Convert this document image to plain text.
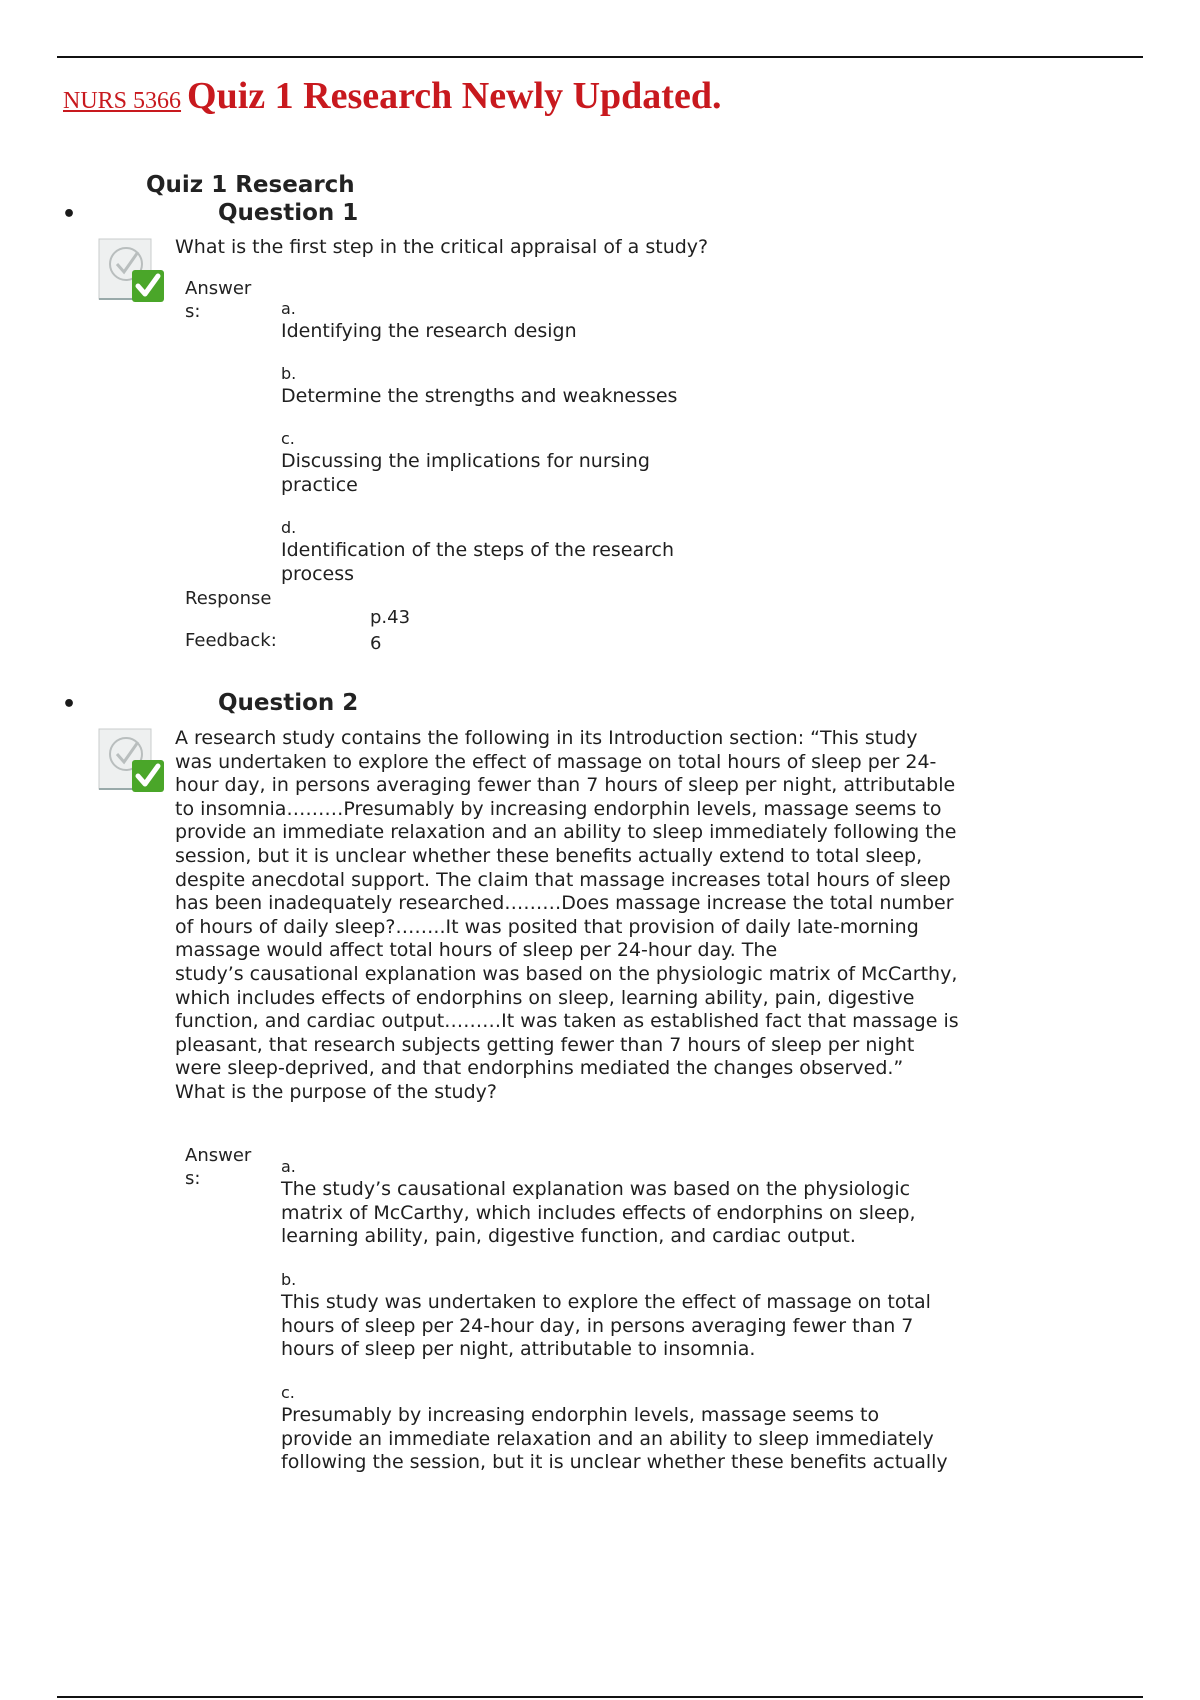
NURS 5366 Quiz 1 Research Newly Updated.
Quiz 1 Research
•	Question 1
What is the first step in the critical appraisal of a study?
Answer
s:	a.
Identifying the research design
b.
Determine the strengths and weaknesses
c.
Discussing the implications for nursing
practice
d.
Identification of the steps of the research
process
Response
Feedback:
p.43
6
•	Question 2
A research study contains the following in its Introduction section: “This study
was undertaken to explore the effect of massage on total hours of sleep per 24-
hour day, in persons averaging fewer than 7 hours of sleep per night, attributable
to insomnia………Presumably by increasing endorphin levels, massage seems to
provide an immediate relaxation and an ability to sleep immediately following the
session, but it is unclear whether these benefits actually extend to total sleep,
despite anecdotal support. The claim that massage increases total hours of sleep
has been inadequately researched………Does massage increase the total number
of hours of daily sleep?……..It was posited that provision of daily late-morning
massage would affect total hours of sleep per 24-hour day. The
study’s causational explanation was based on the physiologic matrix of McCarthy,
which includes effects of endorphins on sleep, learning ability, pain, digestive
function, and cardiac output………It was taken as established fact that massage is
pleasant, that research subjects getting fewer than 7 hours of sleep per night
were sleep-deprived, and that endorphins mediated the changes observed.”
What is the purpose of the study?
Answer
s:
a.
The study’s causational explanation was based on the physiologic
matrix of McCarthy, which includes effects of endorphins on sleep,
learning ability, pain, digestive function, and cardiac output.
b.
This study was undertaken to explore the effect of massage on total
hours of sleep per 24-hour day, in persons averaging fewer than 7
hours of sleep per night, attributable to insomnia.
c.
Presumably by increasing endorphin levels, massage seems to
provide an immediate relaxation and an ability to sleep immediately
following the session, but it is unclear whether these benefits actually
